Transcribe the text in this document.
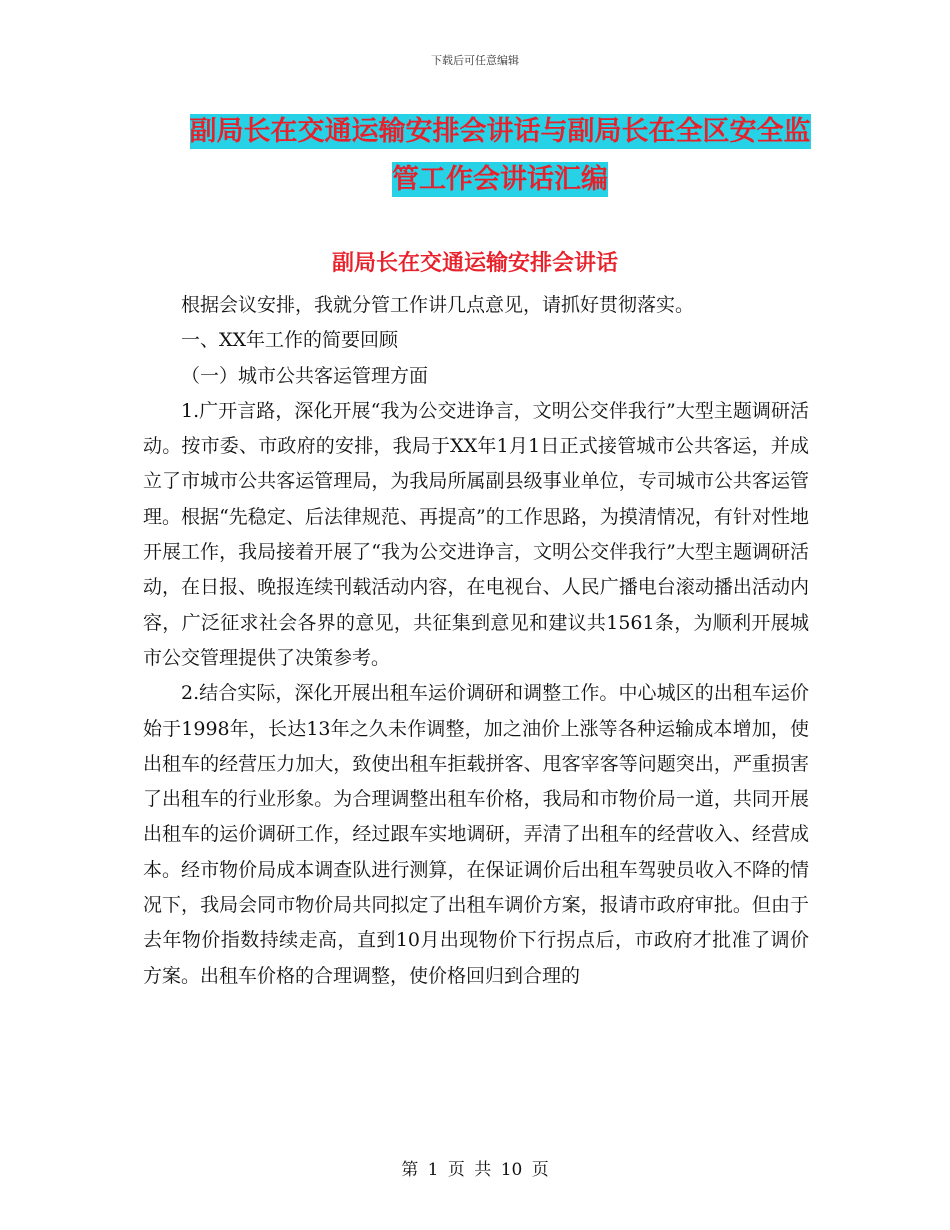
下载后可任意编辑
副局长在交通运输安排会讲话与副局长在全区安全监
管工作会讲话汇编
副局长在交通运输安排会讲话

根据会议安排，我就分管工作讲几点意见，请抓好贯彻落实。

一、XX年工作的简要回顾

（一）城市公共客运管理方面

1.广开言路，深化开展“我为公交进诤言，文明公交伴我行”大型主题调研活动。按市委、市政府的安排，我局于XX年1月1日正式接管城市公共客运，并成立了市城市公共客运管理局，为我局所属副县级事业单位，专司城市公共客运管理。根据“先稳定、后法律规范、再提高”的工作思路，为摸清情况，有针对性地开展工作，我局接着开展了“我为公交进诤言，文明公交伴我行”大型主题调研活动，在日报、晚报连续刊载活动内容，在电视台、人民广播电台滚动播出活动内容，广泛征求社会各界的意见，共征集到意见和建议共1561条，为顺利开展城市公交管理提供了决策参考。

2.结合实际，深化开展出租车运价调研和调整工作。中心城区的出租车运价始于1998年，长达13年之久未作调整，加之油价上涨等各种运输成本增加，使出租车的经营压力加大，致使出租车拒载拼客、甩客宰客等问题突出，严重损害了出租车的行业形象。为合理调整出租车价格，我局和市物价局一道，共同开展出租车的运价调研工作，经过跟车实地调研，弄清了出租车的经营收入、经营成本。经市物价局成本调查队进行测算，在保证调价后出租车驾驶员收入不降的情况下，我局会同市物价局共同拟定了出租车调价方案，报请市政府审批。但由于去年物价指数持续走高，直到10月出现物价下行拐点后，市政府才批准了调价方案。出租车价格的合理调整，使价格回归到合理的

第 1 页 共 10 页
